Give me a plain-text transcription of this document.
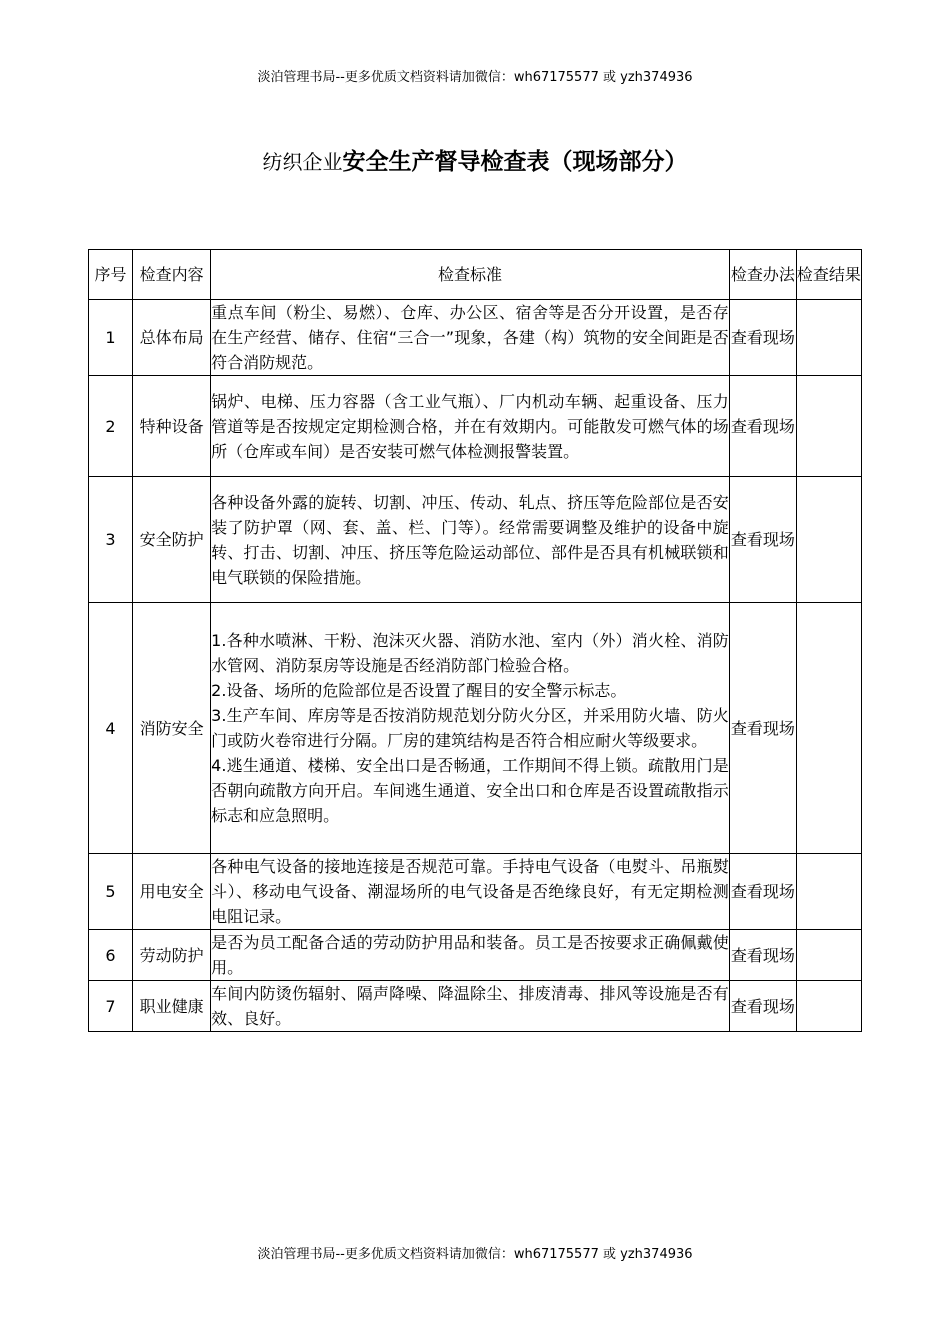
淡泊管理书局--更多优质文档资料请加微信：wh67175577 或 yzh374936
纺织企业安全生产督导检查表（现场部分）
序号	检查内容	检查标准	检查办法	检查结果
1	总体布局	重点车间（粉尘、易燃）、仓库、办公区、宿舍等是否分开设置，是否存在生产经营、储存、住宿“三合一”现象，各建（构）筑物的安全间距是否符合消防规范。	查看现场	
2	特种设备	锅炉、电梯、压力容器（含工业气瓶）、厂内机动车辆、起重设备、压力管道等是否按规定定期检测合格，并在有效期内。可能散发可燃气体的场所（仓库或车间）是否安装可燃气体检测报警装置。	查看现场	
3	安全防护	各种设备外露的旋转、切割、冲压、传动、轧点、挤压等危险部位是否安装了防护罩（网、套、盖、栏、门等）。经常需要调整及维护的设备中旋转、打击、切割、冲压、挤压等危险运动部位、部件是否具有机械联锁和电气联锁的保险措施。	查看现场	
4	消防安全	1.各种水喷淋、干粉、泡沫灭火器、消防水池、室内（外）消火栓、消防水管网、消防泵房等设施是否经消防部门检验合格。
2.设备、场所的危险部位是否设置了醒目的安全警示标志。
3.生产车间、库房等是否按消防规范划分防火分区，并采用防火墙、防火门或防火卷帘进行分隔。厂房的建筑结构是否符合相应耐火等级要求。
4.逃生通道、楼梯、安全出口是否畅通，工作期间不得上锁。疏散用门是否朝向疏散方向开启。车间逃生通道、安全出口和仓库是否设置疏散指示标志和应急照明。	查看现场	
5	用电安全	各种电气设备的接地连接是否规范可靠。手持电气设备（电熨斗、吊瓶熨斗）、移动电气设备、潮湿场所的电气设备是否绝缘良好，有无定期检测电阻记录。	查看现场	
6	劳动防护	是否为员工配备合适的劳动防护用品和装备。员工是否按要求正确佩戴使用。	查看现场	
7	职业健康	车间内防烫伤辐射、隔声降噪、降温除尘、排废清毒、排风等设施是否有效、良好。	查看现场	
淡泊管理书局--更多优质文档资料请加微信：wh67175577 或 yzh374936
